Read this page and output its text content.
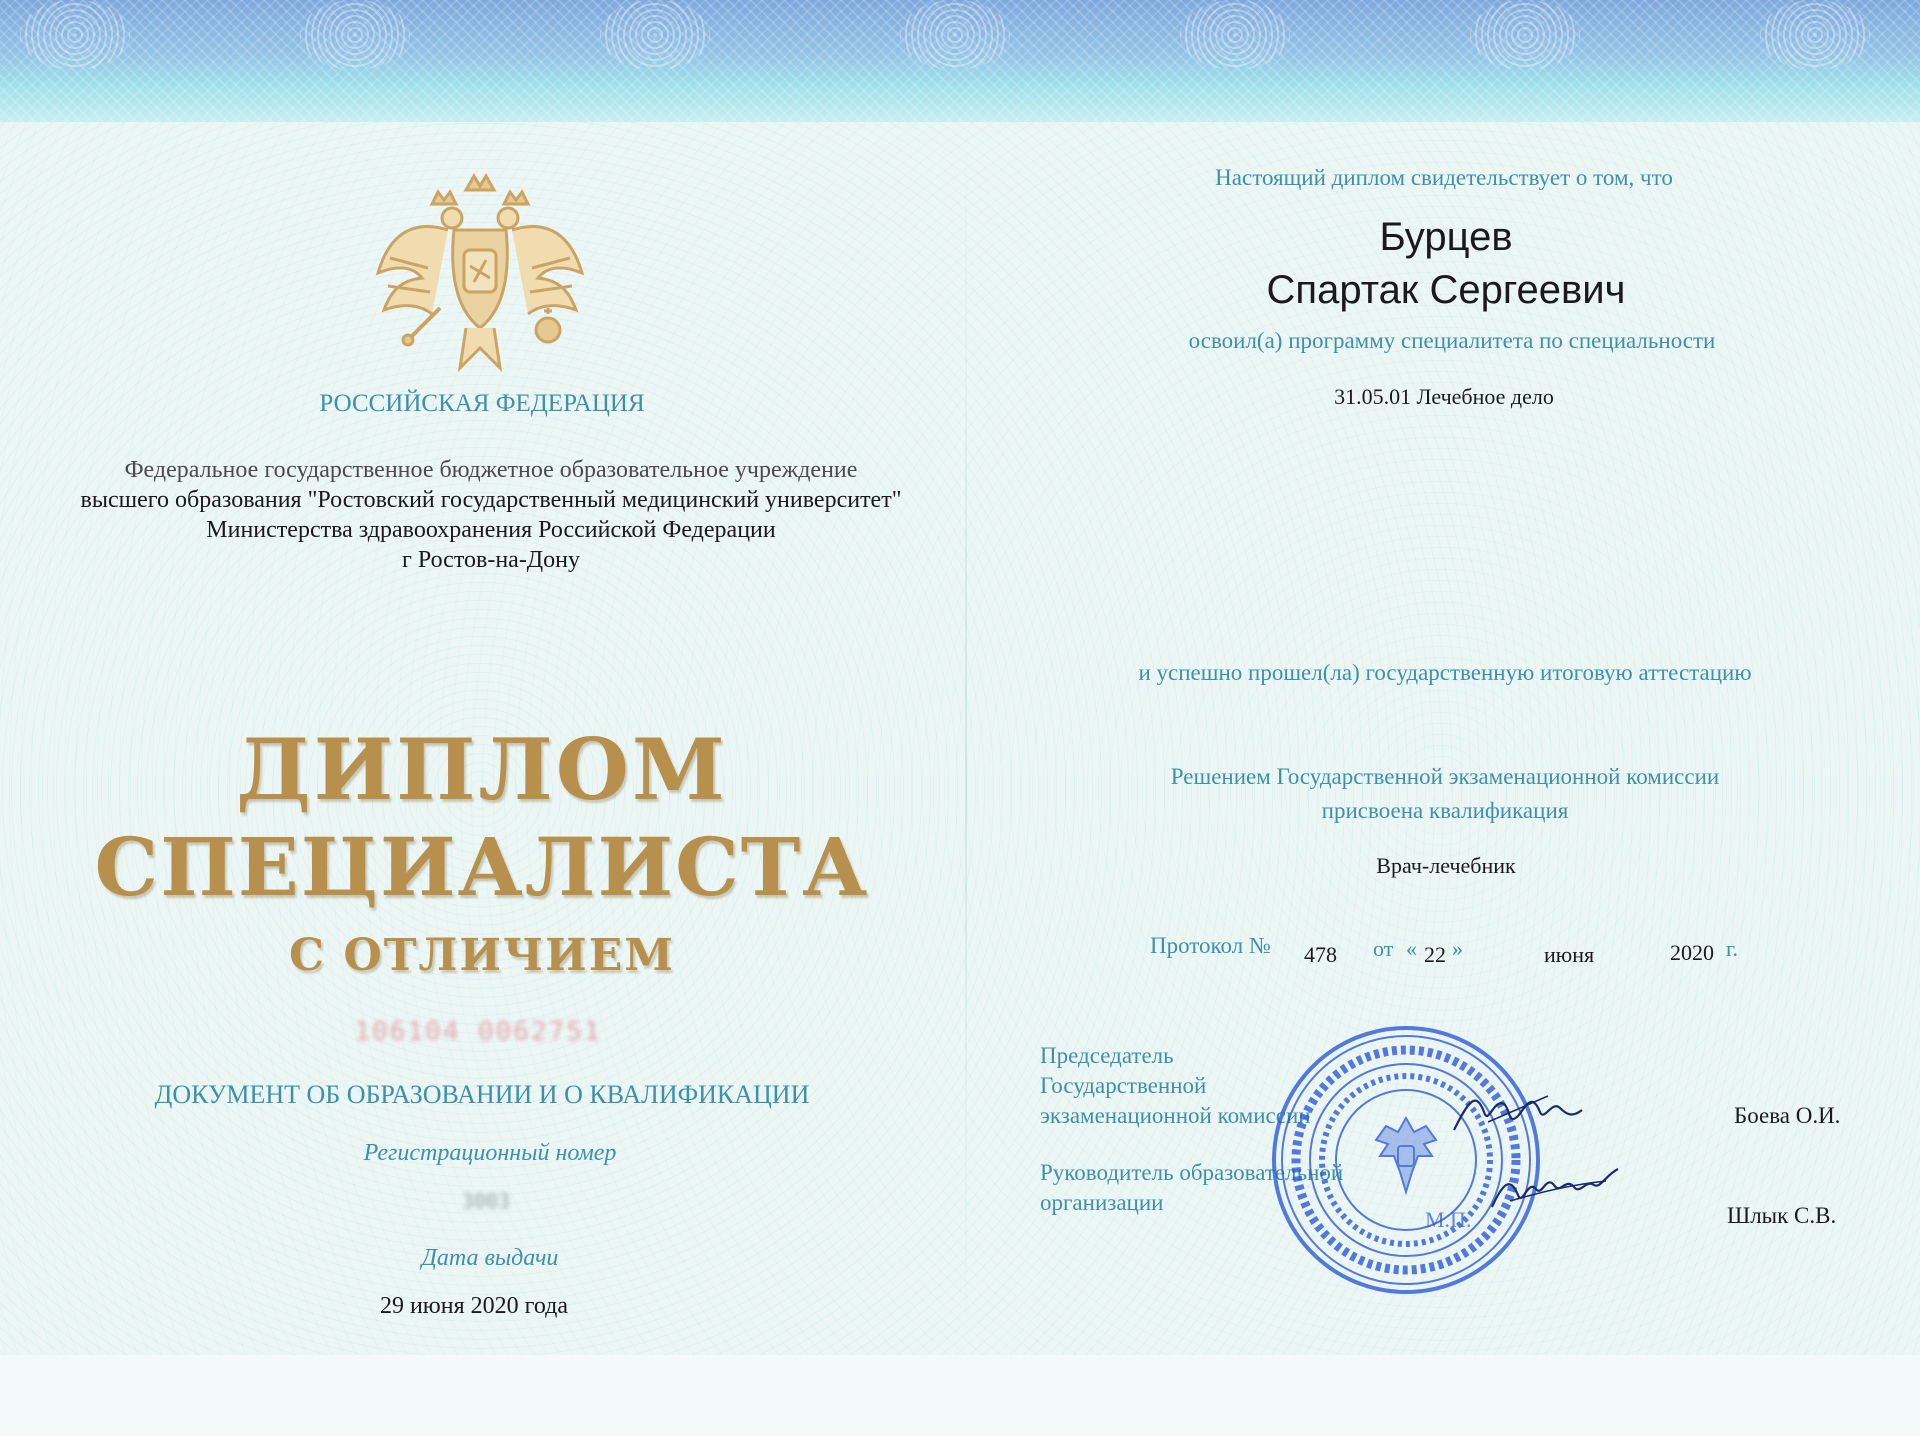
РОССИЙСКАЯ ФЕДЕРАЦИЯ

Федеральное государственное бюджетное образовательное учреждение

высшего образования "Ростовский государственный медицинский университет"

Министерства здравоохранения Российской Федерации

г Ростов-на-Дону

ДИПЛОМ

СПЕЦИАЛИСТА

С ОТЛИЧИЕМ

106104 0062751

ДОКУМЕНТ ОБ ОБРАЗОВАНИИ И О КВАЛИФИКАЦИИ

Регистрационный номер

3003

Дата выдачи

29 июня 2020 года

Настоящий диплом свидетельствует о том, что

Бурцев

Спартак Сергеевич

освоил(а) программу специалитета по специальности

31.05.01 Лечебное дело

и успешно прошел(ла) государственную итоговую аттестацию

Решением Государственной экзаменационной комиссии

присвоена квалификация

Врач-лечебник

Протокол № 478 от « 22 »	июня	2020 г.

Председатель

Государственной

экзаменационной комиссии	Боева О.И.

Руководитель образовательной

организации

Шлык С.В.

М.П.
